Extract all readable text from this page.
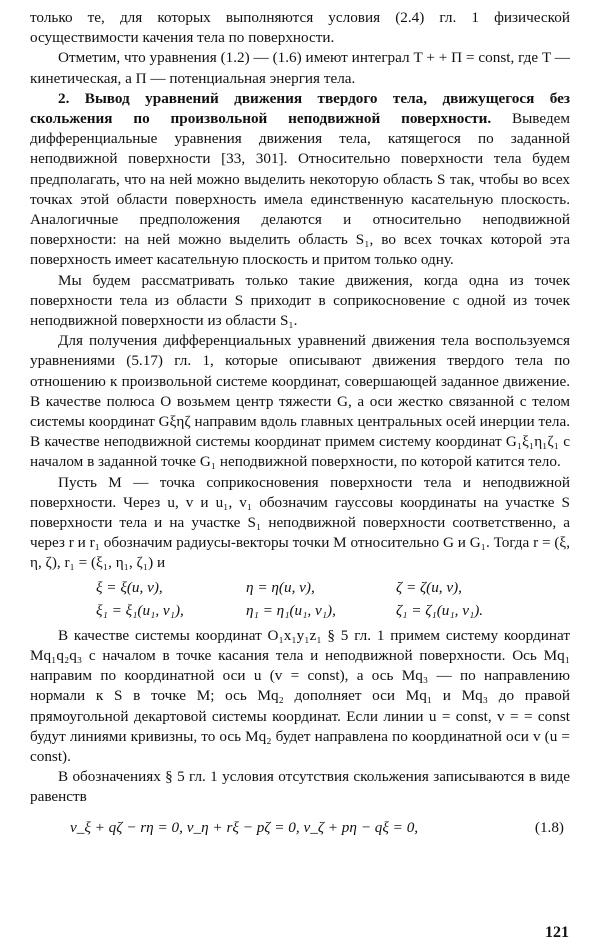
только те, для которых выполняются условия (2.4) гл. 1 физической осуществимости качения тела по поверхности.

Отметим, что уравнения (1.2) — (1.6) имеют интеграл T + + Π = const, где T — кинетическая, а Π — потенциальная энергия тела.

2. Вывод уравнений движения твердого тела, движущегося без скольжения по произвольной неподвижной поверхности. Выведем дифференциальные уравнения движения тела, катящегося по заданной неподвижной поверхности [33, 301]. Относительно поверхности тела будем предполагать, что на ней можно выделить некоторую область S так, чтобы во всех точках этой области поверхность имела единственную касательную плоскость. Аналогичные предположения делаются и относительно неподвижной поверхности: на ней можно выделить область S₁, во всех точках которой эта поверхность имеет касательную плоскость и притом только одну.

Мы будем рассматривать только такие движения, когда одна из точек поверхности тела из области S приходит в соприкосновение с одной из точек неподвижной поверхности из области S₁.

Для получения дифференциальных уравнений движения тела воспользуемся уравнениями (5.17) гл. 1, которые описывают движения твердого тела по отношению к произвольной системе координат, совершающей заданное движение. В качестве полюса O возьмем центр тяжести G, а оси жестко связанной с телом системы координат Gξηζ направим вдоль главных центральных осей инерции тела. В качестве неподвижной системы координат примем систему координат G₁ξ₁η₁ζ₁ с началом в заданной точке G₁ неподвижной поверхности, по которой катится тело.

Пусть M — точка соприкосновения поверхности тела и неподвижной поверхности. Через u, v и u₁, v₁ обозначим гауссовы координаты на участке S поверхности тела и на участке S₁ неподвижной поверхности соответственно, а через r и r₁ обозначим радиусы-векторы точки M относительно G и G₁. Тогда r = (ξ, η, ζ), r₁ = (ξ₁, η₁, ζ₁) и

ξ = ξ(u, v),	η = η(u, v),	ζ = ζ(u, v),
ξ₁ = ξ₁(u₁, v₁),	η₁ = η₁(u₁, v₁),	ζ₁ = ζ₁(u₁, v₁).

В качестве системы координат O₁x₁y₁z₁ § 5 гл. 1 примем систему координат Mq₁q₂q₃ с началом в точке касания тела и неподвижной поверхности. Ось Mq₁ направим по координатной оси u (v = const), а ось Mq₃ — по направлению нормали к S в точке M; ось Mq₂ дополняет оси Mq₁ и Mq₃ до правой прямоугольной декартовой системы координат. Если линии u = const, v = = const будут линиями кривизны, то ось Mq₂ будет направлена по координатной оси v (u = const).

В обозначениях § 5 гл. 1 условия отсутствия скольжения записываются в виде равенств

v_ξ + qζ − rη = 0, v_η + rξ − pζ = 0, v_ζ + pη − qξ = 0,	(1.8)
121
